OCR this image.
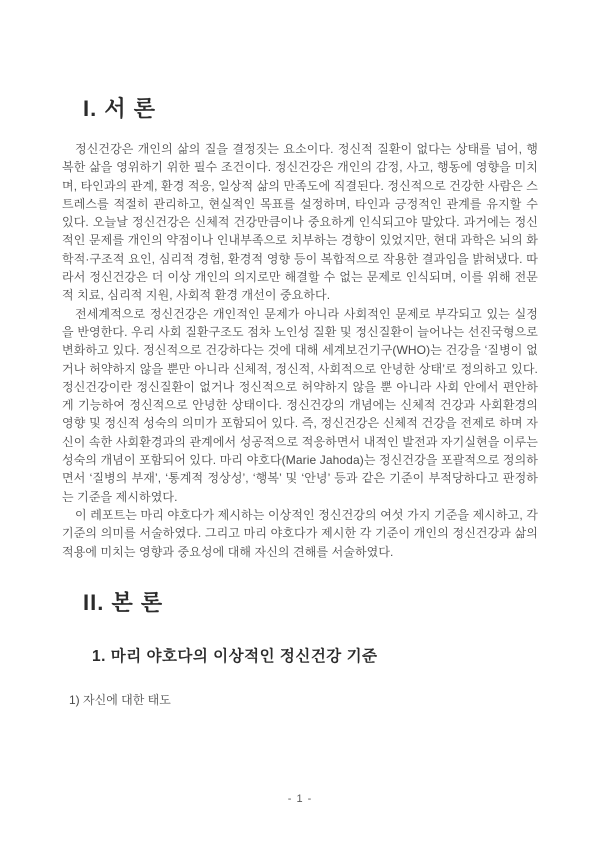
I. 서 론

정신건강은 개인의 삶의 질을 결정짓는 요소이다. 정신적 질환이 없다는 상태를 넘어, 행복한 삶을 영위하기 위한 필수 조건이다. 정신건강은 개인의 감정, 사고, 행동에 영향을 미치며, 타인과의 관계, 환경 적응, 일상적 삶의 만족도에 직결된다. 정신적으로 건강한 사람은 스트레스를 적절히 관리하고, 현실적인 목표를 설정하며, 타인과 긍정적인 관계를 유지할 수 있다. 오늘날 정신건강은 신체적 건강만큼이나 중요하게 인식되고야 말았다. 과거에는 정신적인 문제를 개인의 약점이나 인내부족으로 치부하는 경향이 있었지만, 현대 과학은 뇌의 화학적·구조적 요인, 심리적 경험, 환경적 영향 등이 복합적으로 작용한 결과임을 밝혀냈다. 따라서 정신건강은 더 이상 개인의 의지로만 해결할 수 없는 문제로 인식되며, 이를 위해 전문적 치료, 심리적 지원, 사회적 환경 개선이 중요하다.

전세계적으로 정신건강은 개인적인 문제가 아니라 사회적인 문제로 부각되고 있는 실정을 반영한다. 우리 사회 질환구조도 점차 노인성 질환 및 정신질환이 늘어나는 선진국형으로 변화하고 있다. 정신적으로 건강하다는 것에 대해 세계보건기구(WHO)는 건강을 ‘질병이 없거나 허약하지 않을 뿐만 아니라 신체적, 정신적, 사회적으로 안녕한 상태’로 정의하고 있다. 정신건강이란 정신질환이 없거나 정신적으로 허약하지 않을 뿐 아니라 사회 안에서 편안하게 기능하여 정신적으로 안녕한 상태이다. 정신건강의 개념에는 신체적 건강과 사회환경의 영향 및 정신적 성숙의 의미가 포함되어 있다. 즉, 정신건강은 신체적 건강을 전제로 하며 자신이 속한 사회환경과의 관계에서 성공적으로 적응하면서 내적인 발전과 자기실현을 이루는 성숙의 개념이 포함되어 있다. 마리 야호다(Marie Jahoda)는 정신건강을 포괄적으로 정의하면서 ‘질병의 부재’, ‘통계적 정상성’, ‘행복’ 및 ‘안녕’ 등과 같은 기준이 부적당하다고 판정하는 기준을 제시하였다.

이 레포트는 마리 야호다가 제시하는 이상적인 정신건강의 여섯 가지 기준을 제시하고, 각 기준의 의미를 서술하였다. 그리고 마리 야호다가 제시한 각 기준이 개인의 정신건강과 삶의 적용에 미치는 영향과 중요성에 대해 자신의 견해를 서술하였다.

II. 본 론
1. 마리 야호다의 이상적인 정신건강 기준

1) 자신에 대한 태도

- 1 -
